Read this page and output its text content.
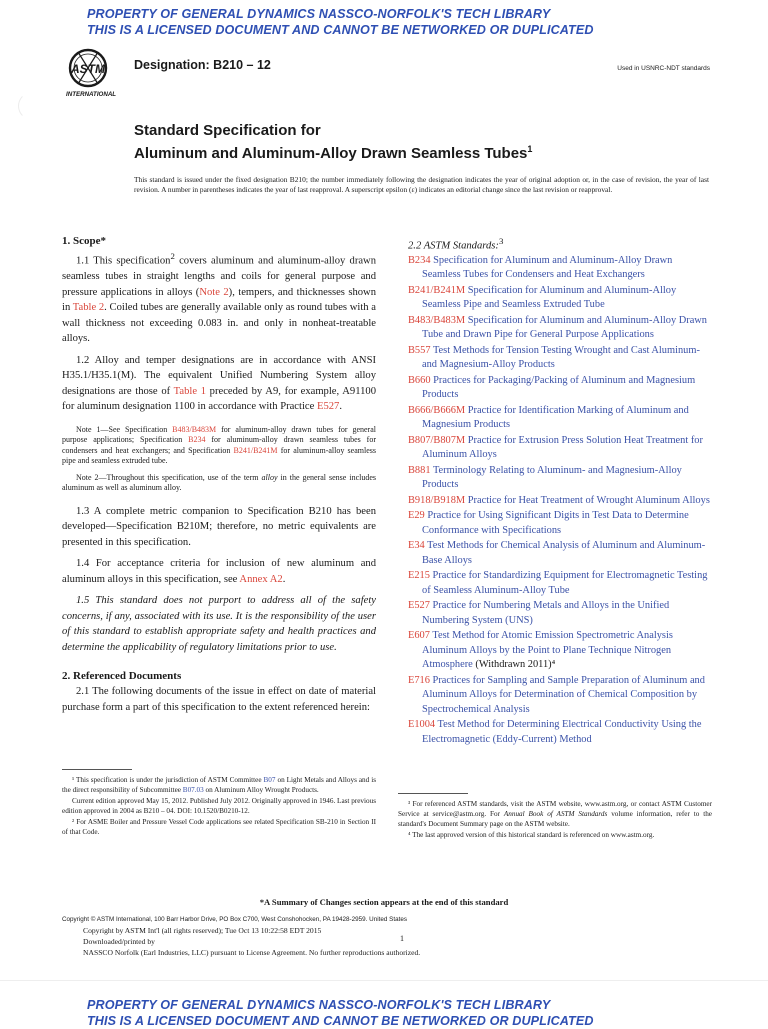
PROPERTY OF GENERAL DYNAMICS NASSCO-NORFOLK'S TECH LIBRARY
THIS IS A LICENSED DOCUMENT AND CANNOT BE NETWORKED OR DUPLICATED
ASTM
INTERNATIONAL
Designation: B210 – 12	Used in USNRC-NDT standards
Standard Specification for
Aluminum and Aluminum-Alloy Drawn Seamless Tubes$^1$
This standard is issued under the fixed designation B210; the number immediately following the designation indicates the year of original adoption or, in the case of revision, the year of last revision. A number in parentheses indicates the year of last reapproval. A superscript epsilon (ε) indicates an editorial change since the last revision or reapproval.

1. Scope*

1.1 This specification$^2$ covers aluminum and aluminum-alloy drawn seamless tubes in straight lengths and coils for general purpose and pressure applications in alloys (Note 2), tempers, and thicknesses shown in Table 2. Coiled tubes are generally available only as round tubes with a wall thickness not exceeding 0.083 in. and only in nonheat-treatable alloys.

1.2 Alloy and temper designations are in accordance with ANSI H35.1/H35.1(M). The equivalent Unified Numbering System alloy designations are those of Table 1 preceded by A9, for example, A91100 for aluminum designation 1100 in accordance with Practice E527.

Note 1—See Specification B483/B483M for aluminum-alloy drawn tubes for general purpose applications; Specification B234 for aluminum-alloy drawn seamless tubes for condensers and heat exchangers; and Specification B241/B241M for aluminum-alloy seamless pipe and seamless extruded tube.

Note 2—Throughout this specification, use of the term alloy in the general sense includes aluminum as well as aluminum alloy.

1.3 A complete metric companion to Specification B210 has been developed—Specification B210M; therefore, no metric equivalents are presented in this specification.

1.4 For acceptance criteria for inclusion of new aluminum and aluminum alloys in this specification, see Annex A2.

1.5 This standard does not purport to address all of the safety concerns, if any, associated with its use. It is the responsibility of the user of this standard to establish appropriate safety and health practices and determine the applicability of regulatory limitations prior to use.

2. Referenced Documents

2.1 The following documents of the issue in effect on date of material purchase form a part of this specification to the extent referenced herein:

2.2 ASTM Standards:$^3$

B234 Specification for Aluminum and Aluminum-Alloy Drawn Seamless Tubes for Condensers and Heat Exchangers
B241/B241M Specification for Aluminum and Aluminum-Alloy Seamless Pipe and Seamless Extruded Tube
B483/B483M Specification for Aluminum and Aluminum-Alloy Drawn Tube and Drawn Pipe for General Purpose Applications
B557 Test Methods for Tension Testing Wrought and Cast Aluminum- and Magnesium-Alloy Products
B660 Practices for Packaging/Packing of Aluminum and Magnesium Products
B666/B666M Practice for Identification Marking of Aluminum and Magnesium Products
B807/B807M Practice for Extrusion Press Solution Heat Treatment for Aluminum Alloys
B881 Terminology Relating to Aluminum- and Magnesium-Alloy Products
B918/B918M Practice for Heat Treatment of Wrought Aluminum Alloys
E29 Practice for Using Significant Digits in Test Data to Determine Conformance with Specifications
E34 Test Methods for Chemical Analysis of Aluminum and Aluminum-Base Alloys
E215 Practice for Standardizing Equipment for Electromagnetic Testing of Seamless Aluminum-Alloy Tube
E527 Practice for Numbering Metals and Alloys in the Unified Numbering System (UNS)
E607 Test Method for Atomic Emission Spectrometric Analysis Aluminum Alloys by the Point to Plane Technique Nitrogen Atmosphere (Withdrawn 2011)⁴
E716 Practices for Sampling and Sample Preparation of Aluminum and Aluminum Alloys for Determination of Chemical Composition by Spectrochemical Analysis
E1004 Test Method for Determining Electrical Conductivity Using the Electromagnetic (Eddy-Current) Method

¹ This specification is under the jurisdiction of ASTM Committee B07 on Light Metals and Alloys and is the direct responsibility of Subcommittee B07.03 on Aluminum Alloy Wrought Products.

Current edition approved May 15, 2012. Published July 2012. Originally approved in 1946. Last previous edition approved in 2004 as B210 – 04. DOI: 10.1520/B0210-12.

² For ASME Boiler and Pressure Vessel Code applications see related Specification SB-210 in Section II of that Code.

³ For referenced ASTM standards, visit the ASTM website, www.astm.org, or contact ASTM Customer Service at service@astm.org. For Annual Book of ASTM Standards volume information, refer to the standard's Document Summary page on the ASTM website.

⁴ The last approved version of this historical standard is referenced on www.astm.org.

*A Summary of Changes section appears at the end of this standard
Copyright © ASTM International, 100 Barr Harbor Drive, PO Box C700, West Conshohocken, PA 19428-2959. United States
Copyright by ASTM Int'l (all rights reserved); Tue Oct 13 10:22:58 EDT 2015
Downloaded/printed by
NASSCO Norfolk (Earl Industries, LLC) pursuant to License Agreement. No further reproductions authorized.
1
PROPERTY OF GENERAL DYNAMICS NASSCO-NORFOLK'S TECH LIBRARY
THIS IS A LICENSED DOCUMENT AND CANNOT BE NETWORKED OR DUPLICATED
